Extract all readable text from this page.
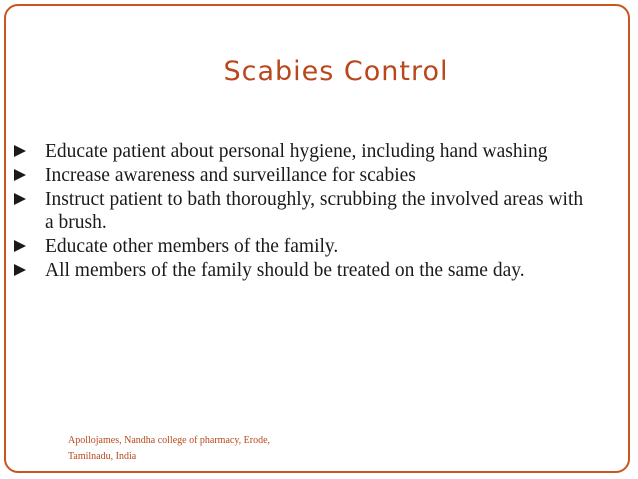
Scabies Control
Educate patient about personal hygiene, including hand washing
Increase awareness and surveillance for scabies
Instruct patient to bath thoroughly, scrubbing the involved areas with a brush.
Educate other members of the family.
All members of the family should be treated on the same day.
Apollojames, Nandha college of pharmacy, Erode,
Tamilnadu, India
